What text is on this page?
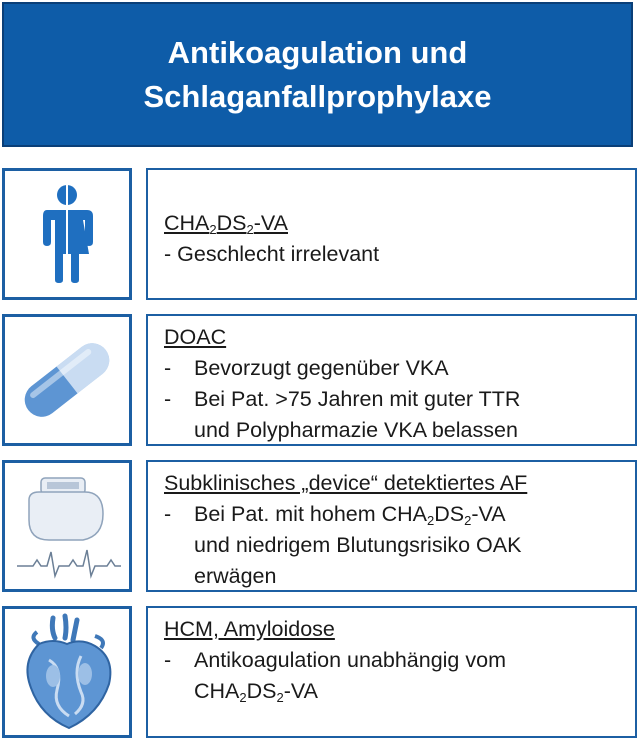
Antikoagulation und
Schlaganfallprophylaxe
$CHA_2DS_2-VA$
- Geschlecht irrelevant
DOAC
-	Bevorzugt gegenüber VKA
-	Bei Pat. >75 Jahren mit guter TTR
und Polypharmazie VKA belassen
Subklinisches „device“ detektiertes AF
-	Bei Pat. mit hohem $CHA_2DS_2-VA$
und niedrigem Blutungsrisiko OAK
erwägen
HCM, Amyloidose
-	Antikoagulation unabhängig vom
$CHA_2DS_2-VA$
